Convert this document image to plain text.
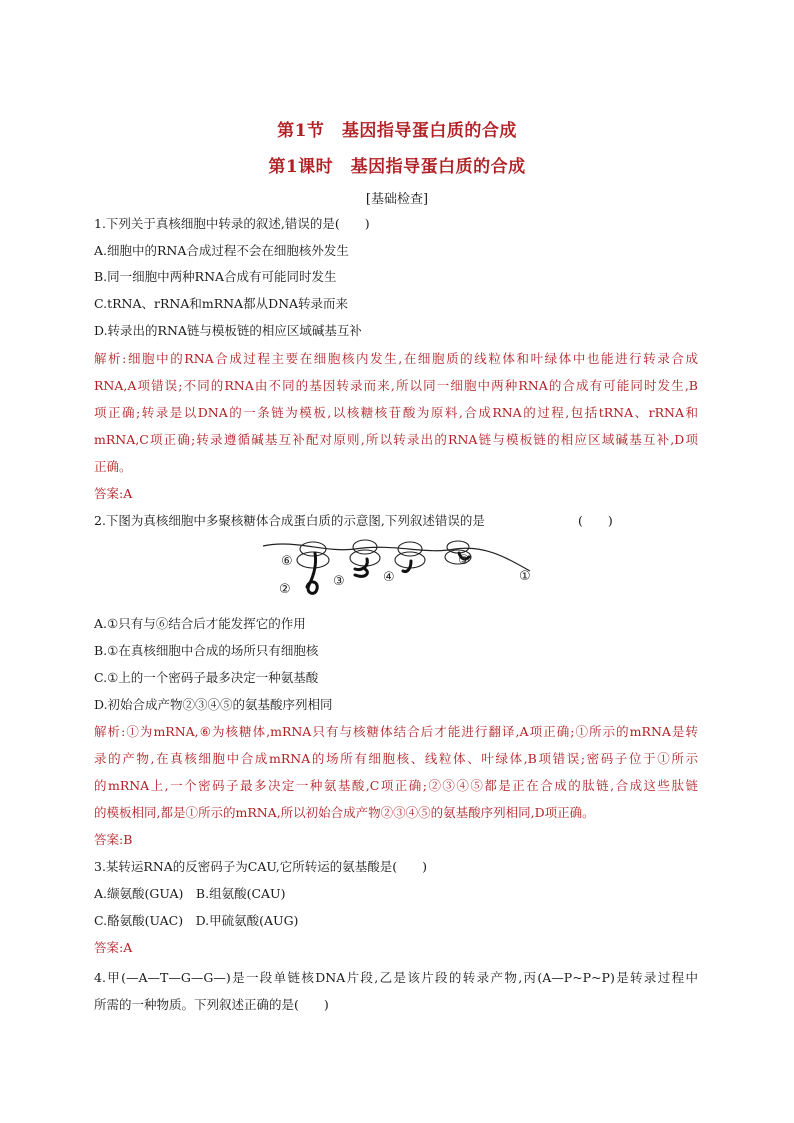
第1节　基因指导蛋白质的合成
第1课时　基因指导蛋白质的合成
[基础检查]
1.下列关于真核细胞中转录的叙述,错误的是(　　)
A.细胞中的RNA合成过程不会在细胞核外发生
B.同一细胞中两种RNA合成有可能同时发生
C.tRNA、rRNA和mRNA都从DNA转录而来
D.转录出的RNA链与模板链的相应区域碱基互补
解析:细胞中的RNA合成过程主要在细胞核内发生,在细胞质的线粒体和叶绿体中也能进行转录合成
RNA,A项错误;不同的RNA由不同的基因转录而来,所以同一细胞中两种RNA的合成有可能同时发生,B
项正确;转录是以DNA的一条链为模板,以核糖核苷酸为原料,合成RNA的过程,包括tRNA、rRNA和
mRNA,C项正确;转录遵循碱基互补配对原则,所以转录出的RNA链与模板链的相应区域碱基互补,D项
正确。
答案:A
2.下图为真核细胞中多聚核糖体合成蛋白质的示意图,下列叙述错误的是	(　　)
⑥
②
③	④
⑤
①
A.①只有与⑥结合后才能发挥它的作用
B.①在真核细胞中合成的场所只有细胞核
C.①上的一个密码子最多决定一种氨基酸
D.初始合成产物②③④⑤的氨基酸序列相同
解析:①为mRNA,⑥为核糖体,mRNA只有与核糖体结合后才能进行翻译,A项正确;①所示的mRNA是转
录的产物,在真核细胞中合成mRNA的场所有细胞核、线粒体、叶绿体,B项错误;密码子位于①所示
的mRNA上,一个密码子最多决定一种氨基酸,C项正确;②③④⑤都是正在合成的肽链,合成这些肽链
的模板相同,都是①所示的mRNA,所以初始合成产物②③④⑤的氨基酸序列相同,D项正确。
答案:B
3.某转运RNA的反密码子为CAU,它所转运的氨基酸是(　　)
A.缬氨酸(GUA)　B.组氨酸(CAU)
C.酪氨酸(UAC)　D.甲硫氨酸(AUG)
答案:A
4.甲(—A—T—G—G—)是一段单链核DNA片段,乙是该片段的转录产物,丙(A—P~P~P)是转录过程中
所需的一种物质。下列叙述正确的是(　　)
